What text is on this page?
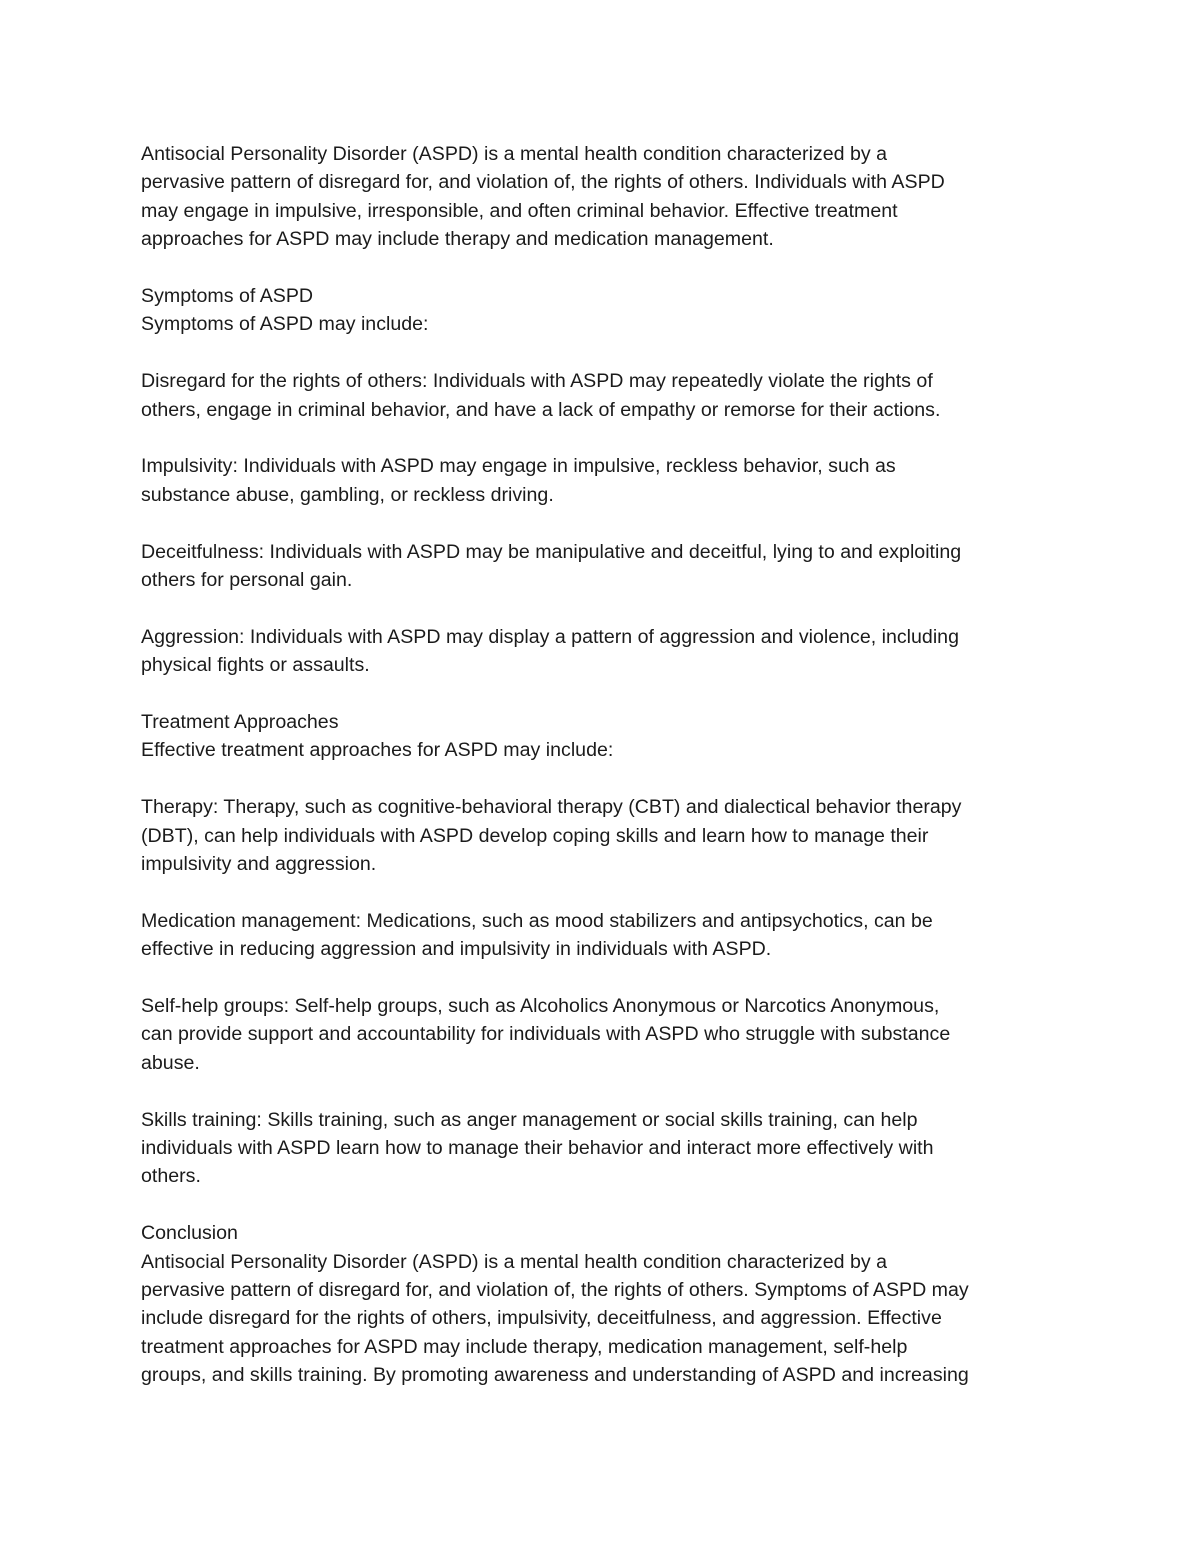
Antisocial Personality Disorder (ASPD) is a mental health condition characterized by a
pervasive pattern of disregard for, and violation of, the rights of others. Individuals with ASPD
may engage in impulsive, irresponsible, and often criminal behavior. Effective treatment
approaches for ASPD may include therapy and medication management.

Symptoms of ASPD
Symptoms of ASPD may include:

Disregard for the rights of others: Individuals with ASPD may repeatedly violate the rights of
others, engage in criminal behavior, and have a lack of empathy or remorse for their actions.

Impulsivity: Individuals with ASPD may engage in impulsive, reckless behavior, such as
substance abuse, gambling, or reckless driving.

Deceitfulness: Individuals with ASPD may be manipulative and deceitful, lying to and exploiting
others for personal gain.

Aggression: Individuals with ASPD may display a pattern of aggression and violence, including
physical fights or assaults.

Treatment Approaches
Effective treatment approaches for ASPD may include:

Therapy: Therapy, such as cognitive-behavioral therapy (CBT) and dialectical behavior therapy
(DBT), can help individuals with ASPD develop coping skills and learn how to manage their
impulsivity and aggression.

Medication management: Medications, such as mood stabilizers and antipsychotics, can be
effective in reducing aggression and impulsivity in individuals with ASPD.

Self-help groups: Self-help groups, such as Alcoholics Anonymous or Narcotics Anonymous,
can provide support and accountability for individuals with ASPD who struggle with substance
abuse.

Skills training: Skills training, such as anger management or social skills training, can help
individuals with ASPD learn how to manage their behavior and interact more effectively with
others.

Conclusion
Antisocial Personality Disorder (ASPD) is a mental health condition characterized by a
pervasive pattern of disregard for, and violation of, the rights of others. Symptoms of ASPD may
include disregard for the rights of others, impulsivity, deceitfulness, and aggression. Effective
treatment approaches for ASPD may include therapy, medication management, self-help
groups, and skills training. By promoting awareness and understanding of ASPD and increasing
